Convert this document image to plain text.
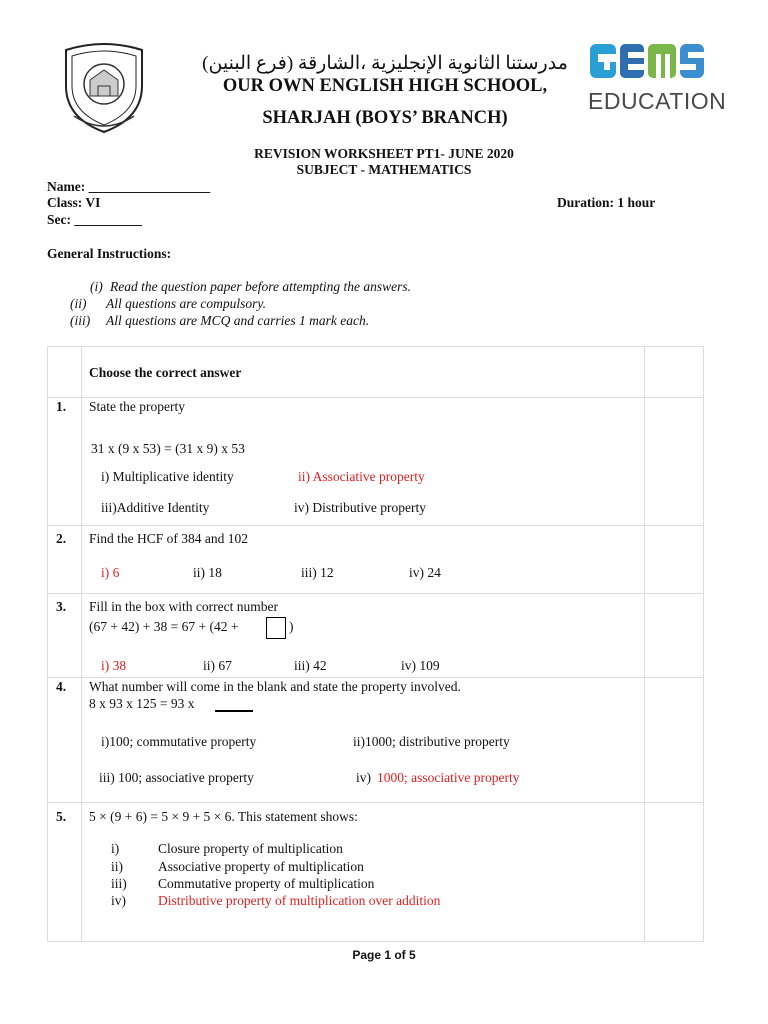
مدرستنا الثانوية الإنجليزية ،الشارقة (فرع البنين)
OUR OWN ENGLISH HIGH SCHOOL,
SHARJAH (BOYS’ BRANCH)
EDUCATION
REVISION WORKSHEET PT1- JUNE 2020
SUBJECT - MATHEMATICS
Name: __________________
Class: VI	Duration: 1 hour
Sec: __________
General Instructions:
(i) Read the question paper before attempting the answers.
(ii) All questions are compulsory.
(iii) All questions are MCQ and carries 1 mark each.
Choose the correct answer
1. State the property
31 x (9 x 53) = (31 x 9) x 53
i) Multiplicative identity	ii) Associative property
iii)Additive Identity	iv) Distributive property
2. Find the HCF of 384 and 102
i) 6	ii) 18	iii) 12	iv) 24
3. Fill in the box with correct number
(67 + 42) + 38 = 67 + (42 +	)
i) 38	ii) 67	iii) 42	iv) 109
4. What number will come in the blank and state the property involved.
8 x 93 x 125 = 93 x
i)100; commutative property	ii)1000; distributive property
iii) 100; associative property	iv) 1000; associative property
5. 5 × (9 + 6) = 5 × 9 + 5 × 6. This statement shows:
i)	Closure property of multiplication
ii)	Associative property of multiplication
iii) Commutative property of multiplication
iv) Distributive property of multiplication over addition
Page 1 of 5
